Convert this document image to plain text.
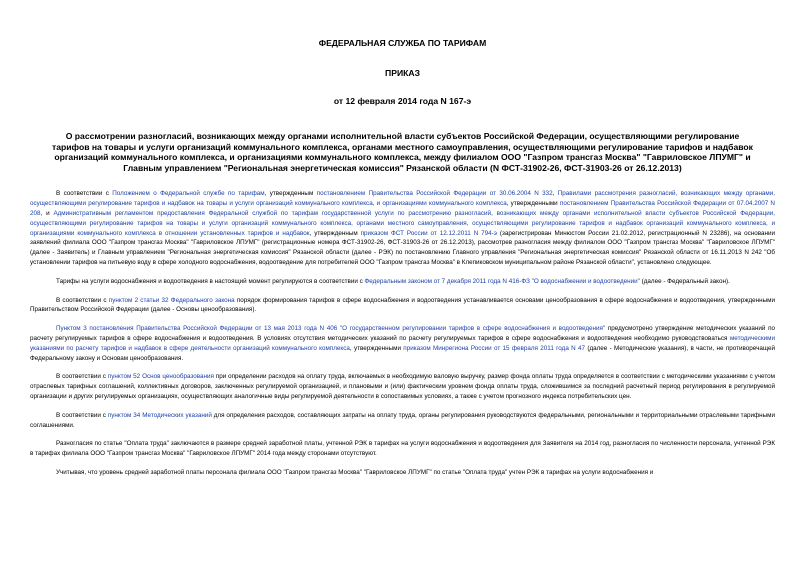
ФЕДЕРАЛЬНАЯ СЛУЖБА ПО ТАРИФАМ
ПРИКАЗ
от 12 февраля 2014 года N 167-э
О рассмотрении разногласий, возникающих между органами исполнительной власти субъектов Российской Федерации, осуществляющими регулирование тарифов на товары и услуги организаций коммунального комплекса, органами местного самоуправления, осуществляющими регулирование тарифов и надбавок организаций коммунального комплекса, и организациями коммунального комплекса, между филиалом ООО "Газпром трансгаз Москва" "Гавриловское ЛПУМГ" и Главным управлением "Региональная энергетическая комиссия" Рязанской области (N ФСТ-31902-26, ФСТ-31903-26 от 26.12.2013)

В соответствии с Положением о Федеральной службе по тарифам, утвержденным постановлением Правительства Российской Федерации от 30.06.2004 N 332, Правилами рассмотрения разногласий, возникающих между органами, осуществляющими регулирование тарифов и надбавок на товары и услуги организаций коммунального комплекса, и организациями коммунального комплекса, утвержденными постановлением Правительства Российской Федерации от 07.04.2007 N 208, и Административным регламентом предоставления Федеральной службой по тарифам государственной услуги по рассмотрению разногласий, возникающих между органами исполнительной власти субъектов Российской Федерации, осуществляющими регулирование тарифов на товары и услуги организаций коммунального комплекса, органами местного самоуправления, осуществляющими регулирование тарифов и надбавок организаций коммунального комплекса, и организациями коммунального комплекса в отношении установленных тарифов и надбавок, утвержденным приказом ФСТ России от 12.12.2011 N 794-э (зарегистрирован Минюстом России 21.02.2012, регистрационный N 23286), на основании заявлений филиала ООО "Газпром трансгаз Москва" "Гавриловское ЛПУМГ" (регистрационные номера ФСТ-31902-26, ФСТ-31903-26 от 26.12.2013), рассмотрев разногласия между филиалом ООО "Газпром трансгаз Москва" "Гавриловское ЛПУМГ" (далее - Заявитель) и Главным управлением "Региональная энергетическая комиссия" Рязанской области (далее - РЭК) по постановлению Главного управления "Региональная энергетическая комиссия" Рязанской области от 16.11.2013 N 242 "Об установлении тарифов на питьевую воду в сфере холодного водоснабжения, водоотведение для потребителей ООО "Газпром трансгаз Москва" в Клепиковском муниципальном районе Рязанской области", установлено следующее.

Тарифы на услуги водоснабжения и водоотведения в настоящий момент регулируются в соответствии с Федеральным законом от 7 декабря 2011 года N 416-ФЗ "О водоснабжении и водоотведении" (далее - Федеральный закон).

В соответствии с пунктом 2 статьи 32 Федерального закона порядок формирования тарифов в сфере водоснабжения и водоотведения устанавливается основами ценообразования в сфере водоснабжения и водоотведения, утвержденными Правительством Российской Федерации (далее - Основы ценообразования).

Пунктом 3 постановления Правительства Российской Федерации от 13 мая 2013 года N 406 "О государственном регулировании тарифов в сфере водоснабжения и водоотведения" предусмотрено утверждение методических указаний по расчету регулируемых тарифов в сфере водоснабжения и водоотведения. В условиях отсутствия методических указаний по расчету регулируемых тарифов в сфере водоснабжения и водоотведения необходимо руководствоваться методическими указаниями по расчету тарифов и надбавок в сфере деятельности организаций коммунального комплекса, утвержденными приказом Минрегиона России от 15 февраля 2011 года N 47 (далее - Методические указания), в части, не противоречащей Федеральному закону и Основам ценообразования.

В соответствии с пунктом 52 Основ ценообразования при определении расходов на оплату труда, включаемых в необходимую валовую выручку, размер фонда оплаты труда определяется в соответствии с методическими указаниями с учетом отраслевых тарифных соглашений, коллективных договоров, заключенных регулируемой организацией, и плановыми и (или) фактическим уровнем фонда оплаты труда, сложившимся за последний расчетный период регулирования в регулируемой организации и других регулируемых организациях, осуществляющих аналогичные виды регулируемой деятельности в сопоставимых условиях, а также с учетом прогнозного индекса потребительских цен.

В соответствии с пунктом 34 Методических указаний для определения расходов, составляющих затраты на оплату труда, органы регулирования руководствуются федеральными, региональными и территориальными отраслевыми тарифными соглашениями.

Разногласия по статье "Оплата труда" заключаются в размере средней заработной платы, учтенной РЭК в тарифах на услуги водоснабжения и водоотведения для Заявителя на 2014 год, разногласия по численности персонала, учтенной РЭК в тарифах филиала ООО "Газпром трансгаз Москва" "Гавриловское ЛПУМГ" 2014 года между сторонами отсутствуют.

Учитывая, что уровень средней заработной платы персонала филиала ООО "Газпром трансгаз Москва" "Гавриловское ЛПУМГ" по статье "Оплата труда" учтен РЭК в тарифах на услуги водоснабжения и
